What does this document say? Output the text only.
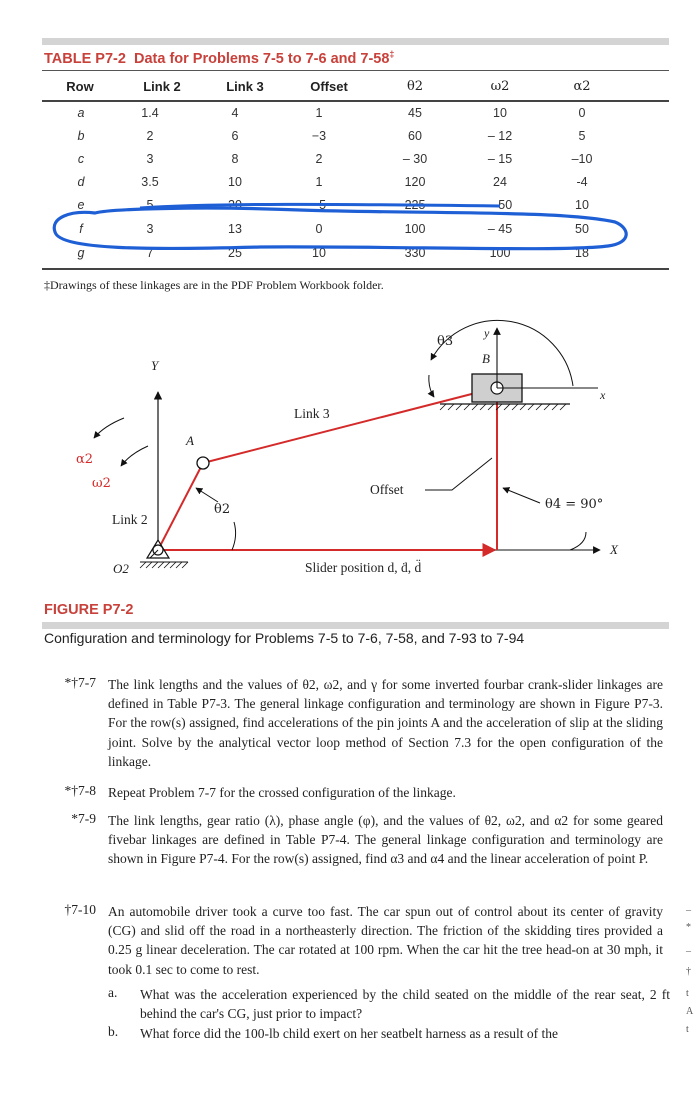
TABLE P7-2 Data for Problems 7-5 to 7-6 and 7-58‡
Row	Link 2	Link 3	Offset	θ2	ω2	α2
a	1.4	4	1	45	10	0
b	2	6	−3	60	– 12	5
c	3	8	2	– 30	– 15	–10
d	3.5	10	1	120	24	-4
e	5	20	−5	225	– 50	10
f	3	13	0	100	– 45	50
g	7	25	10	330	100	18
‡Drawings of these linkages are in the PDF Problem Workbook folder.
Y
A
α2
ω2
Link 2
O2
θ2
Link 3
θ3
B
y
x
Offset
θ4 = 90°
X
Slider position d, ḋ, d̈
FIGURE P7-2
Configuration and terminology for Problems 7-5 to 7-6, 7-58, and 7-93 to 7-94
*†7-7 The link lengths and the values of θ2, ω2, and γ for some inverted fourbar crank-slider linkages are defined in Table P7-3. The general linkage configuration and terminology are shown in Figure P7-3. For the row(s) assigned, find accelerations of the pin joints A and the acceleration of slip at the sliding joint. Solve by the analytical vector loop method of Section 7.3 for the open configuration of the linkage.
*†7-8 Repeat Problem 7-7 for the crossed configuration of the linkage.
*7-9 The link lengths, gear ratio (λ), phase angle (φ), and the values of θ2, ω2, and α2 for some geared fivebar linkages are defined in Table P7-4. The general linkage configuration and terminology are shown in Figure P7-4. For the row(s) assigned, find α3 and α4 and the linear acceleration of point P.
†7-10 An automobile driver took a curve too fast. The car spun out of control about its center of gravity (CG) and slid off the road in a northeasterly direction. The friction of the skidding tires provided a 0.25 g linear deceleration. The car rotated at 100 rpm. When the car hit the tree head-on at 30 mph, it took 0.1 sec to come to rest.
a. What was the acceleration experienced by the child seated on the middle of the rear seat, 2 ft behind the car's CG, just prior to impact?
b. What force did the 100-lb child exert on her seatbelt harness as a result of the
–
*
–
†
t
A
t
